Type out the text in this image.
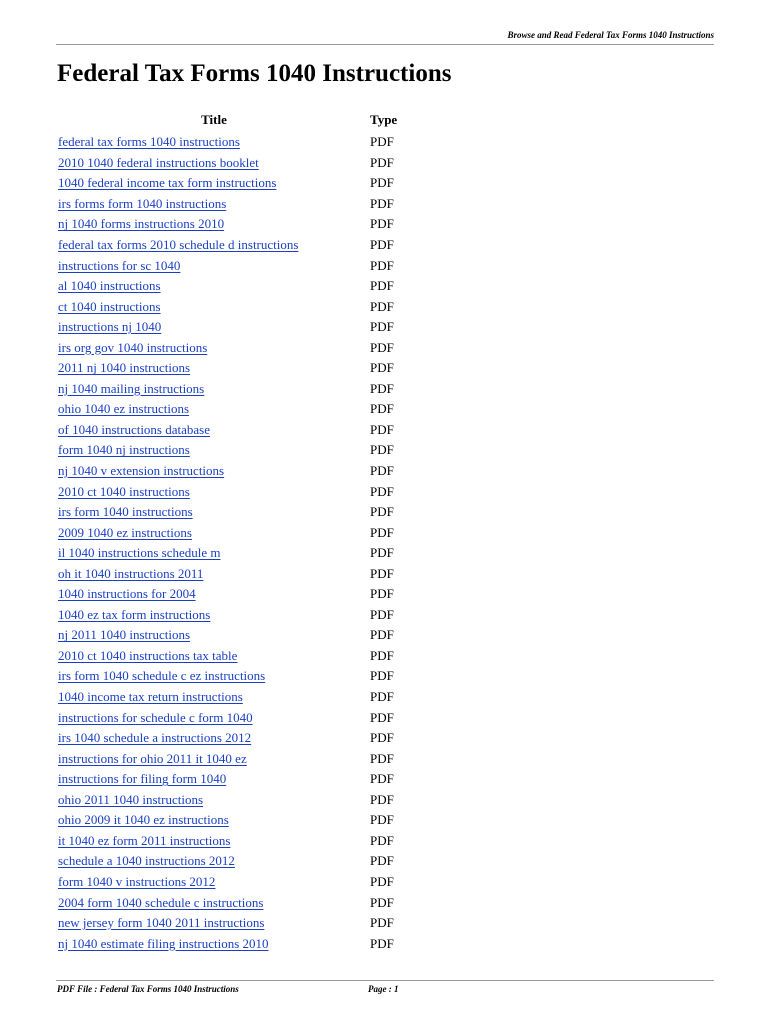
Browse and Read Federal Tax Forms 1040 Instructions
Federal Tax Forms 1040 Instructions
Title	Type
federal tax forms 1040 instructions	PDF
2010 1040 federal instructions booklet	PDF
1040 federal income tax form instructions	PDF
irs forms form 1040 instructions	PDF
nj 1040 forms instructions 2010	PDF
federal tax forms 2010 schedule d instructions	PDF
instructions for sc 1040	PDF
al 1040 instructions	PDF
ct 1040 instructions	PDF
instructions nj 1040	PDF
irs org gov 1040 instructions	PDF
2011 nj 1040 instructions	PDF
nj 1040 mailing instructions	PDF
ohio 1040 ez instructions	PDF
of 1040 instructions database	PDF
form 1040 nj instructions	PDF
nj 1040 v extension instructions	PDF
2010 ct 1040 instructions	PDF
irs form 1040 instructions	PDF
2009 1040 ez instructions	PDF
il 1040 instructions schedule m	PDF
oh it 1040 instructions 2011	PDF
1040 instructions for 2004	PDF
1040 ez tax form instructions	PDF
nj 2011 1040 instructions	PDF
2010 ct 1040 instructions tax table	PDF
irs form 1040 schedule c ez instructions	PDF
1040 income tax return instructions	PDF
instructions for schedule c form 1040	PDF
irs 1040 schedule a instructions 2012	PDF
instructions for ohio 2011 it 1040 ez	PDF
instructions for filing form 1040	PDF
ohio 2011 1040 instructions	PDF
ohio 2009 it 1040 ez instructions	PDF
it 1040 ez form 2011 instructions	PDF
schedule a 1040 instructions 2012	PDF
form 1040 v instructions 2012	PDF
2004 form 1040 schedule c instructions	PDF
new jersey form 1040 2011 instructions	PDF
nj 1040 estimate filing instructions 2010	PDF
PDF File : Federal Tax Forms 1040 Instructions	Page : 1
